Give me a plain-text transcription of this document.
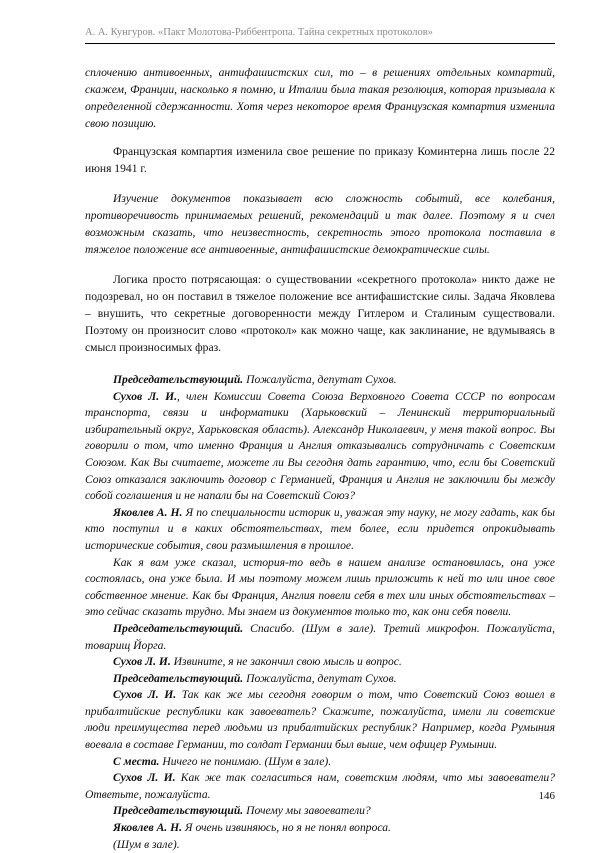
А. А. Кунгуров. «Пакт Молотова-Риббентропа. Тайна секретных протоколов»

сплочению антивоенных, антифашистских сил, то – в решениях отдельных компартий, скажем, Франции, насколько я помню, и Италии была такая резолюция, которая призывала к определенной сдержанности. Хотя через некоторое время Французская компартия изменила свою позицию.

Французская компартия изменила свое решение по приказу Коминтерна лишь после 22 июня 1941 г.

Изучение документов показывает всю сложность событий, все колебания, противоречивость принимаемых решений, рекомендаций и так далее. Поэтому я и счел возможным сказать, что неизвестность, секретность этого протокола поставила в тяжелое положение все антивоенные, антифашистские демократические силы.

Логика просто потрясающая: о существовании «секретного протокола» никто даже не подозревал, но он поставил в тяжелое положение все антифашистские силы. Задача Яковлева – внушить, что секретные договоренности между Гитлером и Сталиным существовали. Поэтому он произносит слово «протокол» как можно чаще, как заклинание, не вдумываясь в смысл произносимых фраз.

Председательствующий. Пожалуйста, депутат Сухов.

Сухов Л. И., член Комиссии Совета Союза Верховного Совета СССР по вопросам транспорта, связи и информатики (Харьковский – Ленинский территориальный избирательный округ, Харьковская область). Александр Николаевич, у меня такой вопрос. Вы говорили о том, что именно Франция и Англия отказывались сотрудничать с Советским Союзом. Как Вы считаете, можете ли Вы сегодня дать гарантию, что, если бы Советский Союз отказался заключить договор с Германией, Франция и Англия не заключили бы между собой соглашения и не напали бы на Советский Союз?

Яковлев А. Н. Я по специальности историк и, уважая эту науку, не могу гадать, как бы кто поступил и в каких обстоятельствах, тем более, если придется опрокидывать исторические события, свои размышления в прошлое.

Как я вам уже сказал, история-то ведь в нашем анализе остановилась, она уже состоялась, она уже была. И мы поэтому можем лишь приложить к ней то или иное свое собственное мнение. Как бы Франция, Англия повели себя в тех или иных обстоятельствах – это сейчас сказать трудно. Мы знаем из документов только то, как они себя повели.

Председательствующий. Спасибо. (Шум в зале). Третий микрофон. Пожалуйста, товарищ Йорга.

Сухов Л. И. Извините, я не закончил свою мысль и вопрос.

Председательствующий. Пожалуйста, депутат Сухов.

Сухов Л. И. Так как же мы сегодня говорим о том, что Советский Союз вошел в прибалтийские республики как завоеватель? Скажите, пожалуйста, имели ли советские люди преимущества перед людьми из прибалтийских республик? Например, когда Румыния воевала в составе Германии, то солдат Германии был выше, чем офицер Румынии.

С места. Ничего не понимаю. (Шум в зале).

Сухов Л. И. Как же так согласиться нам, советским людям, что мы завоеватели? Ответьте, пожалуйста.

Председательствующий. Почему мы завоеватели?

Яковлев А. Н. Я очень извиняюсь, но я не понял вопроса.

(Шум в зале).

146
